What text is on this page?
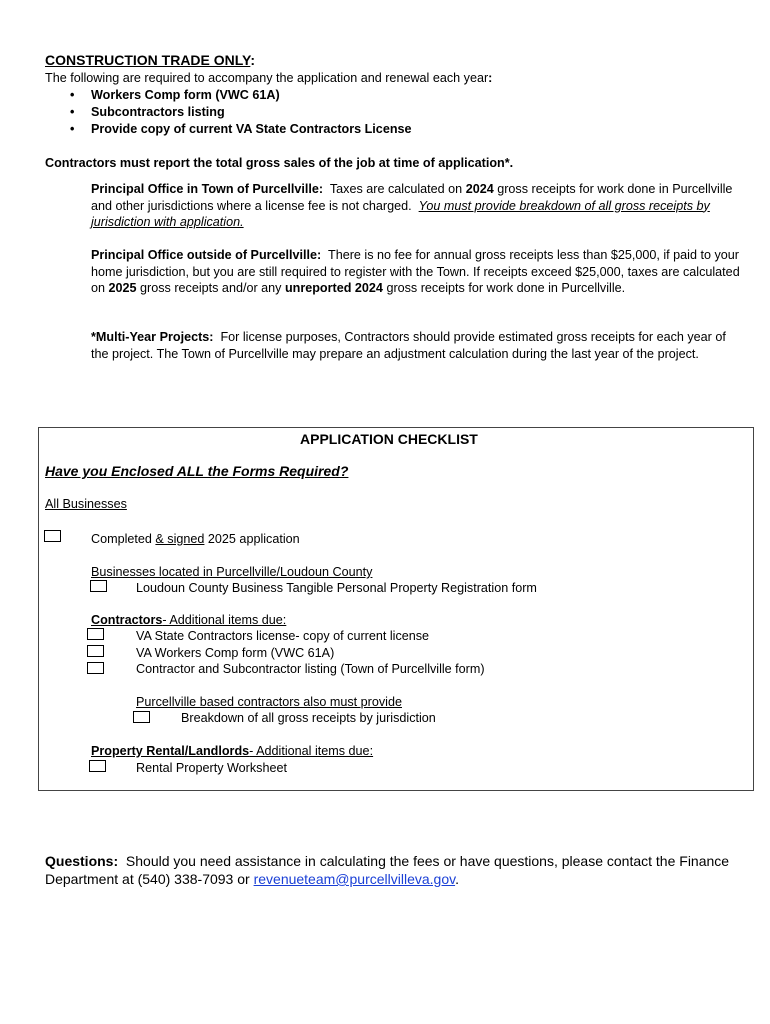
CONSTRUCTION TRADE ONLY:
The following are required to accompany the application and renewal each year:
• Workers Comp form (VWC 61A)
• Subcontractors listing
• Provide copy of current VA State Contractors License
Contractors must report the total gross sales of the job at time of application*.
Principal Office in Town of Purcellville: Taxes are calculated on 2024 gross receipts for work done in Purcellville and other jurisdictions where a license fee is not charged. You must provide breakdown of all gross receipts by jurisdiction with application.
Principal Office outside of Purcellville: There is no fee for annual gross receipts less than $25,000, if paid to your home jurisdiction, but you are still required to register with the Town. If receipts exceed $25,000, taxes are calculated on 2025 gross receipts and/or any unreported 2024 gross receipts for work done in Purcellville.
*Multi-Year Projects: For license purposes, Contractors should provide estimated gross receipts for each year of the project. The Town of Purcellville may prepare an adjustment calculation during the last year of the project.
APPLICATION CHECKLIST
Have you Enclosed ALL the Forms Required?
All Businesses
Completed & signed 2025 application
Businesses located in Purcellville/Loudoun County
Loudoun County Business Tangible Personal Property Registration form
Contractors- Additional items due:
VA State Contractors license- copy of current license
VA Workers Comp form (VWC 61A)
Contractor and Subcontractor listing (Town of Purcellville form)
Purcellville based contractors also must provide
Breakdown of all gross receipts by jurisdiction
Property Rental/Landlords- Additional items due:
Rental Property Worksheet
Questions: Should you need assistance in calculating the fees or have questions, please contact the Finance Department at (540) 338-7093 or revenueteam@purcellvilleva.gov.
